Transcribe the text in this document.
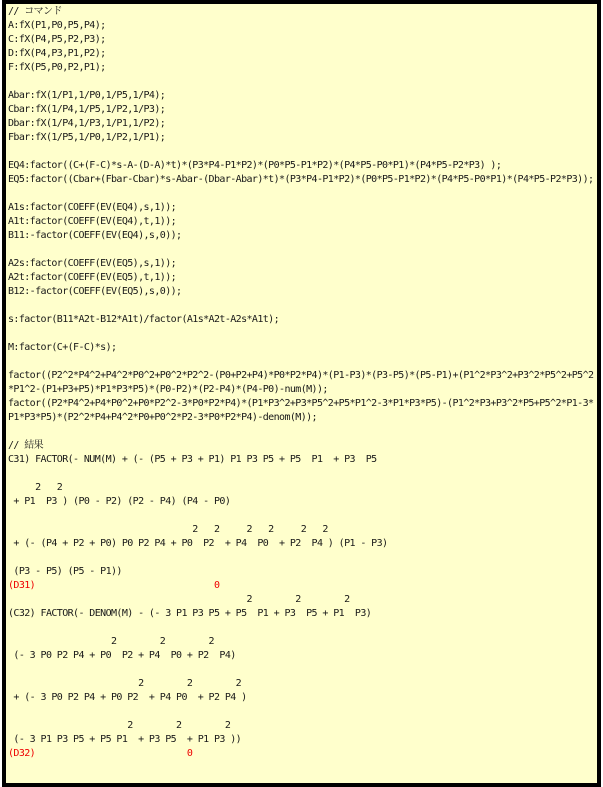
// コマンド
A:fX(P1,P0,P5,P4);
C:fX(P4,P5,P2,P3);
D:fX(P4,P3,P1,P2);
F:fX(P5,P0,P2,P1);
Abar:fX(1/P1,1/P0,1/P5,1/P4);
Cbar:fX(1/P4,1/P5,1/P2,1/P3);
Dbar:fX(1/P4,1/P3,1/P1,1/P2);
Fbar:fX(1/P5,1/P0,1/P2,1/P1);
EQ4:factor((C+(F-C)*s-A-(D-A)*t)*(P3*P4-P1*P2)*(P0*P5-P1*P2)*(P4*P5-P0*P1)*(P4*P5-P2*P3) );
EQ5:factor((Cbar+(Fbar-Cbar)*s-Abar-(Dbar-Abar)*t)*(P3*P4-P1*P2)*(P0*P5-P1*P2)*(P4*P5-P0*P1)*(P4*P5-P2*P3));
A1s:factor(COEFF(EV(EQ4),s,1));
A1t:factor(COEFF(EV(EQ4),t,1));
B11:-factor(COEFF(EV(EQ4),s,0));
A2s:factor(COEFF(EV(EQ5),s,1));
A2t:factor(COEFF(EV(EQ5),t,1));
B12:-factor(COEFF(EV(EQ5),s,0));
s:factor(B11*A2t-B12*A1t)/factor(A1s*A2t-A2s*A1t);
M:factor(C+(F-C)*s);
factor((P2^2*P4^2+P4^2*P0^2+P0^2*P2^2-(P0+P2+P4)*P0*P2*P4)*(P1-P3)*(P3-P5)*(P5-P1)+(P1^2*P3^2+P3^2*P5^2+P5^2
*P1^2-(P1+P3+P5)*P1*P3*P5)*(P0-P2)*(P2-P4)*(P4-P0)-num(M));
factor((P2*P4^2+P4*P0^2+P0*P2^2-3*P0*P2*P4)*(P1*P3^2+P3*P5^2+P5*P1^2-3*P1*P3*P5)-(P1^2*P3+P3^2*P5+P5^2*P1-3*
P1*P3*P5)*(P2^2*P4+P4^2*P0+P0^2*P2-3*P0*P2*P4)-denom(M));
// 結果
C31) FACTOR(- NUM(M) + (- (P5 + P3 + P1) P1 P3 P5 + P5  P1  + P3  P5
2   2
+ P1  P3 ) (P0 - P2) (P2 - P4) (P4 - P0)
2   2     2   2     2   2
+ (- (P4 + P2 + P0) P0 P2 P4 + P0  P2  + P4  P0  + P2  P4 ) (P1 - P3)
(P3 - P5) (P5 - P1))
(D31)                                 0
2        2        2
(C32) FACTOR(- DENOM(M) - (- 3 P1 P3 P5 + P5  P1 + P3  P5 + P1  P3)
2        2        2
(- 3 P0 P2 P4 + P0  P2 + P4  P0 + P2  P4)
2        2        2
+ (- 3 P0 P2 P4 + P0 P2  + P4 P0  + P2 P4 )
2        2        2
(- 3 P1 P3 P5 + P5 P1  + P3 P5  + P1 P3 ))
(D32)                            0
